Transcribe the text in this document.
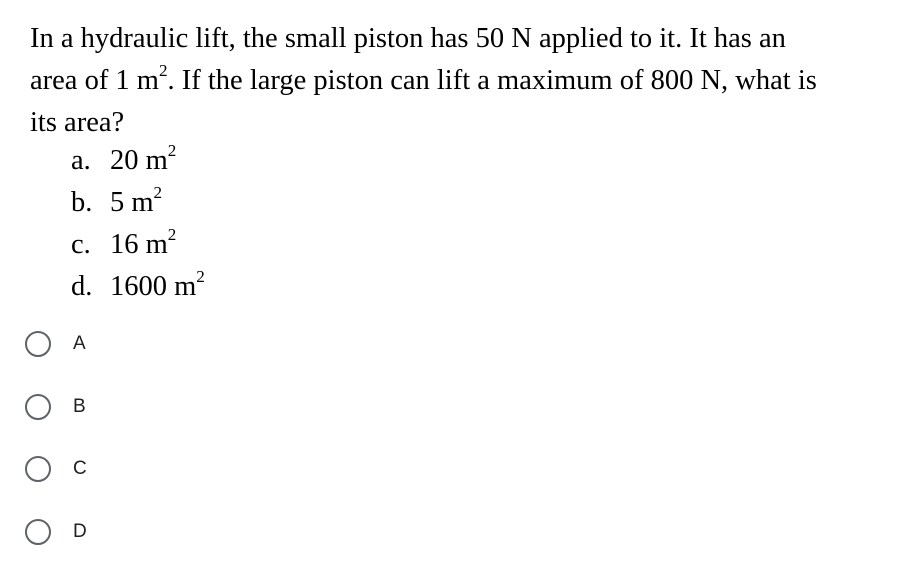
In a hydraulic lift, the small piston has 50 N applied to it. It has an
area of 1 $m^2$. If the large piston can lift a maximum of 800 N, what is
its area?
a. 20 $m^2$
b. 5 $m^2$
c. 16 $m^2$
d. 1600 $m^2$
A
B
C
D
